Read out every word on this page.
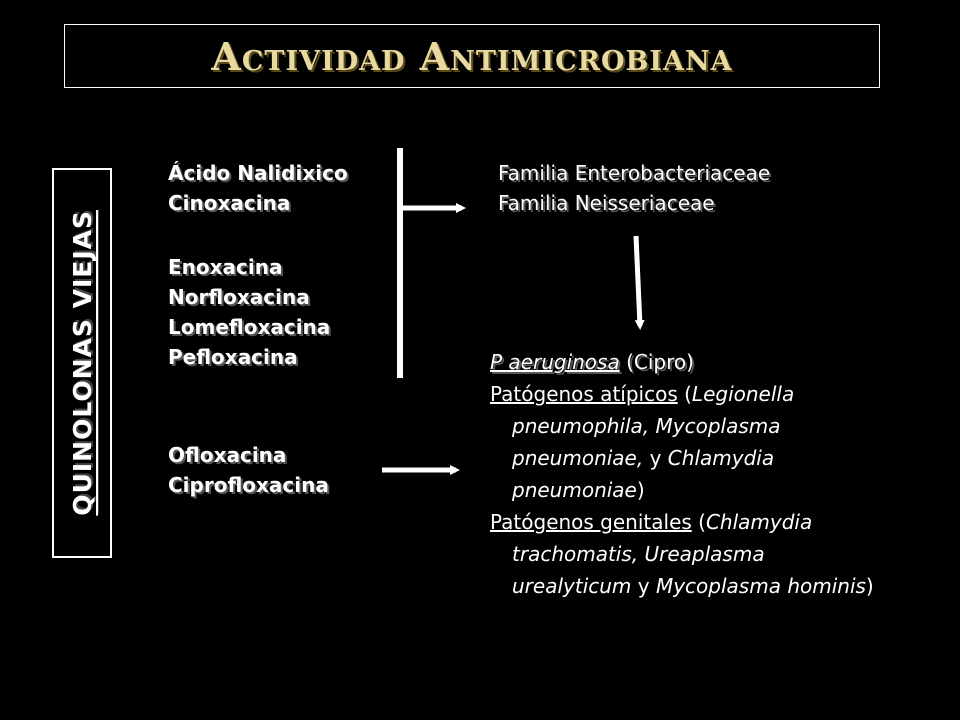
Actividad Antimicrobiana
QUINOLONAS VIEJAS
Ácido Nalidixico
Cinoxacina
Enoxacina
Norfloxacina
Lomefloxacina
Pefloxacina
Ofloxacina
Ciprofloxacina
Familia Enterobacteriaceae
Familia Neisseriaceae
P aeruginosa (Cipro)
Patógenos atípicos (Legionella
pneumophila, Mycoplasma
pneumoniae, y Chlamydia
pneumoniae)
Patógenos genitales (Chlamydia
trachomatis, Ureaplasma
urealyticum y Mycoplasma hominis)
